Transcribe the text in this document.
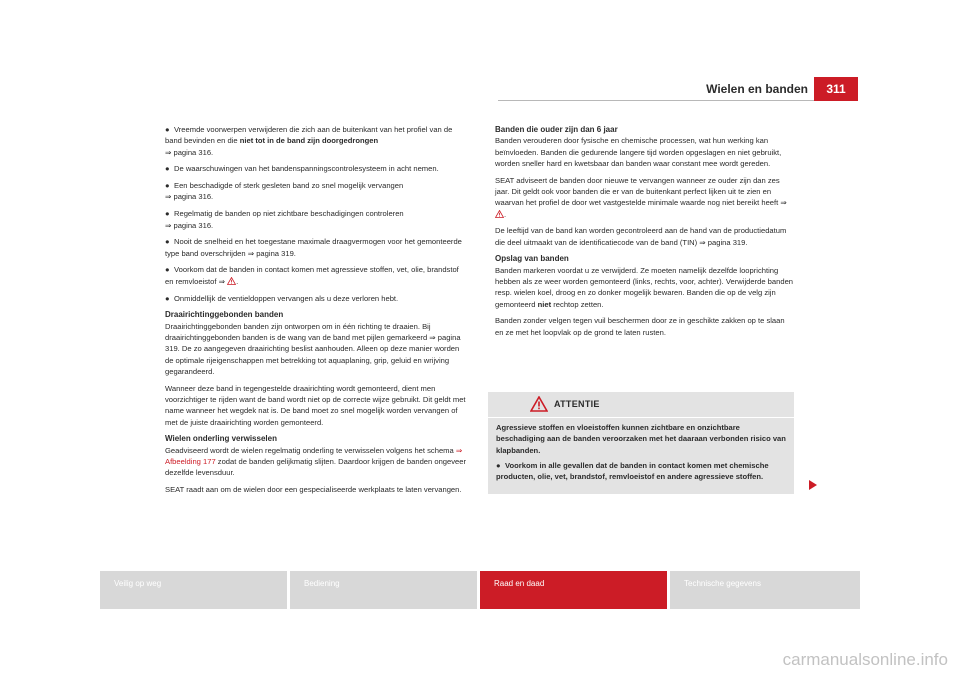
Wielen en banden	311

● Vreemde voorwerpen verwijderen die zich aan de buitenkant van het profiel van de band bevinden en die niet tot in de band zijn doorgedrongen
⇒ pagina 316.

● De waarschuwingen van het bandenspanningscontrolesysteem in acht nemen.

● Een beschadigde of sterk gesleten band zo snel mogelijk vervangen
⇒ pagina 316.

● Regelmatig de banden op niet zichtbare beschadigingen controleren
⇒ pagina 316.

● Nooit de snelheid en het toegestane maximale draagvermogen voor het gemonteerde type band overschrijden ⇒ pagina 319.

● Voorkom dat de banden in contact komen met agressieve stoffen, vet, olie, brandstof en remvloeistof ⇒ .

● Onmiddellijk de ventieldoppen vervangen als u deze verloren hebt.

Draairichtinggebonden banden

Draairichtinggebonden banden zijn ontworpen om in één richting te draaien. Bij draairichtinggebonden banden is de wang van de band met pijlen gemarkeerd ⇒ pagina 319. De zo aangegeven draairichting beslist aanhouden. Alleen op deze manier worden de optimale rijeigenschappen met betrekking tot aquaplaning, grip, geluid en wrijving gegarandeerd.

Wanneer deze band in tegengestelde draairichting wordt gemonteerd, dient men voorzichtiger te rijden want de band wordt niet op de correcte wijze gebruikt. Dit geldt met name wanneer het wegdek nat is. De band moet zo snel mogelijk worden vervangen of met de juiste draairichting worden gemonteerd.

Wielen onderling verwisselen

Geadviseerd wordt de wielen regelmatig onderling te verwisselen volgens het schema ⇒ Afbeelding 177 zodat de banden gelijkmatig slijten. Daardoor krijgen de banden ongeveer dezelfde levensduur.

SEAT raadt aan om de wielen door een gespecialiseerde werkplaats te laten vervangen.

Banden die ouder zijn dan 6 jaar

Banden verouderen door fysische en chemische processen, wat hun werking kan beïnvloeden. Banden die gedurende langere tijd worden opgeslagen en niet gebruikt, worden sneller hard en kwetsbaar dan banden waar constant mee wordt gereden.

SEAT adviseert de banden door nieuwe te vervangen wanneer ze ouder zijn dan zes jaar. Dit geldt ook voor banden die er van de buitenkant perfect lijken uit te zien en waarvan het profiel de door wet vastgestelde minimale waarde nog niet bereikt heeft ⇒ .

De leeftijd van de band kan worden gecontroleerd aan de hand van de productiedatum die deel uitmaakt van de identificatiecode van de band (TIN) ⇒ pagina 319.

Opslag van banden

Banden markeren voordat u ze verwijderd. Ze moeten namelijk dezelfde looprichting hebben als ze weer worden gemonteerd (links, rechts, voor, achter). Verwijderde banden resp. wielen koel, droog en zo donker mogelijk bewaren. Banden die op de velg zijn gemonteerd niet rechtop zetten.

Banden zonder velgen tegen vuil beschermen door ze in geschikte zakken op te slaan en ze met het loopvlak op de grond te laten rusten.

ATTENTIE

Agressieve stoffen en vloeistoffen kunnen zichtbare en onzichtbare beschadiging aan de banden veroorzaken met het daaraan verbonden risico van klapbanden.

● Voorkom in alle gevallen dat de banden in contact komen met chemische producten, olie, vet, brandstof, remvloeistof en andere agressieve stoffen.

Veilig op weg	Bediening	Raad en daad	Technische gegevens
carmanualsonline.info
